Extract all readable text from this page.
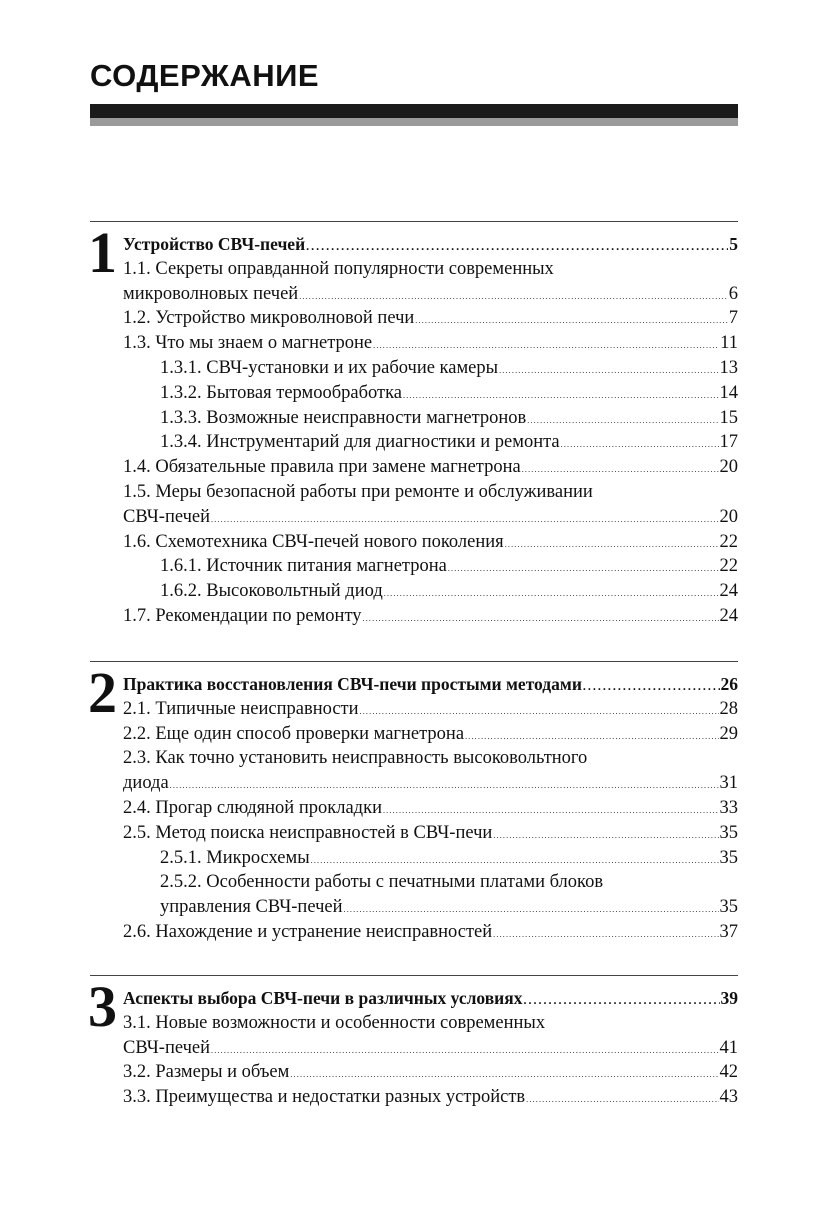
СОДЕРЖАНИЕ
1 Устройство СВЧ-печей . . .	5
1.1. Секреты оправданной популярности современных
микроволновых печей . . .	6
1.2. Устройство микроволновой печи . . .	7
1.3. Что мы знаем о магнетроне . . .	11
1.3.1. СВЧ-установки и их рабочие камеры . . .	13
1.3.2. Бытовая термообработка . . .	14
1.3.3. Возможные неисправности магнетронов . . .	15
1.3.4. Инструментарий для диагностики и ремонта . . .	17
1.4. Обязательные правила при замене магнетрона . . .	20
1.5. Меры безопасной работы при ремонте и обслуживании
СВЧ-печей . . .	20
1.6. Схемотехника СВЧ-печей нового поколения . . .	22
1.6.1. Источник питания магнетрона . . .	22
1.6.2. Высоковольтный диод . . .	24
1.7. Рекомендации по ремонту . . .	24
2 Практика восстановления СВЧ-печи простыми методами . . .	26
2.1. Типичные неисправности . . .	28
2.2. Еще один способ проверки магнетрона . . .	29
2.3. Как точно установить неисправность высоковольтного
диода . . .	31
2.4. Прогар слюдяной прокладки . . .	33
2.5. Метод поиска неисправностей в СВЧ-печи . . .	35
2.5.1. Микросхемы . . .	35
2.5.2. Особенности работы с печатными платами блоков
управления СВЧ-печей . . .	35
2.6. Нахождение и устранение неисправностей . . .	37
3 Аспекты выбора СВЧ-печи в различных условиях . . .	39
3.1. Новые возможности и особенности современных
СВЧ-печей . . .	41
3.2. Размеры и объем . . .	42
3.3. Преимущества и недостатки разных устройств . . .	43
